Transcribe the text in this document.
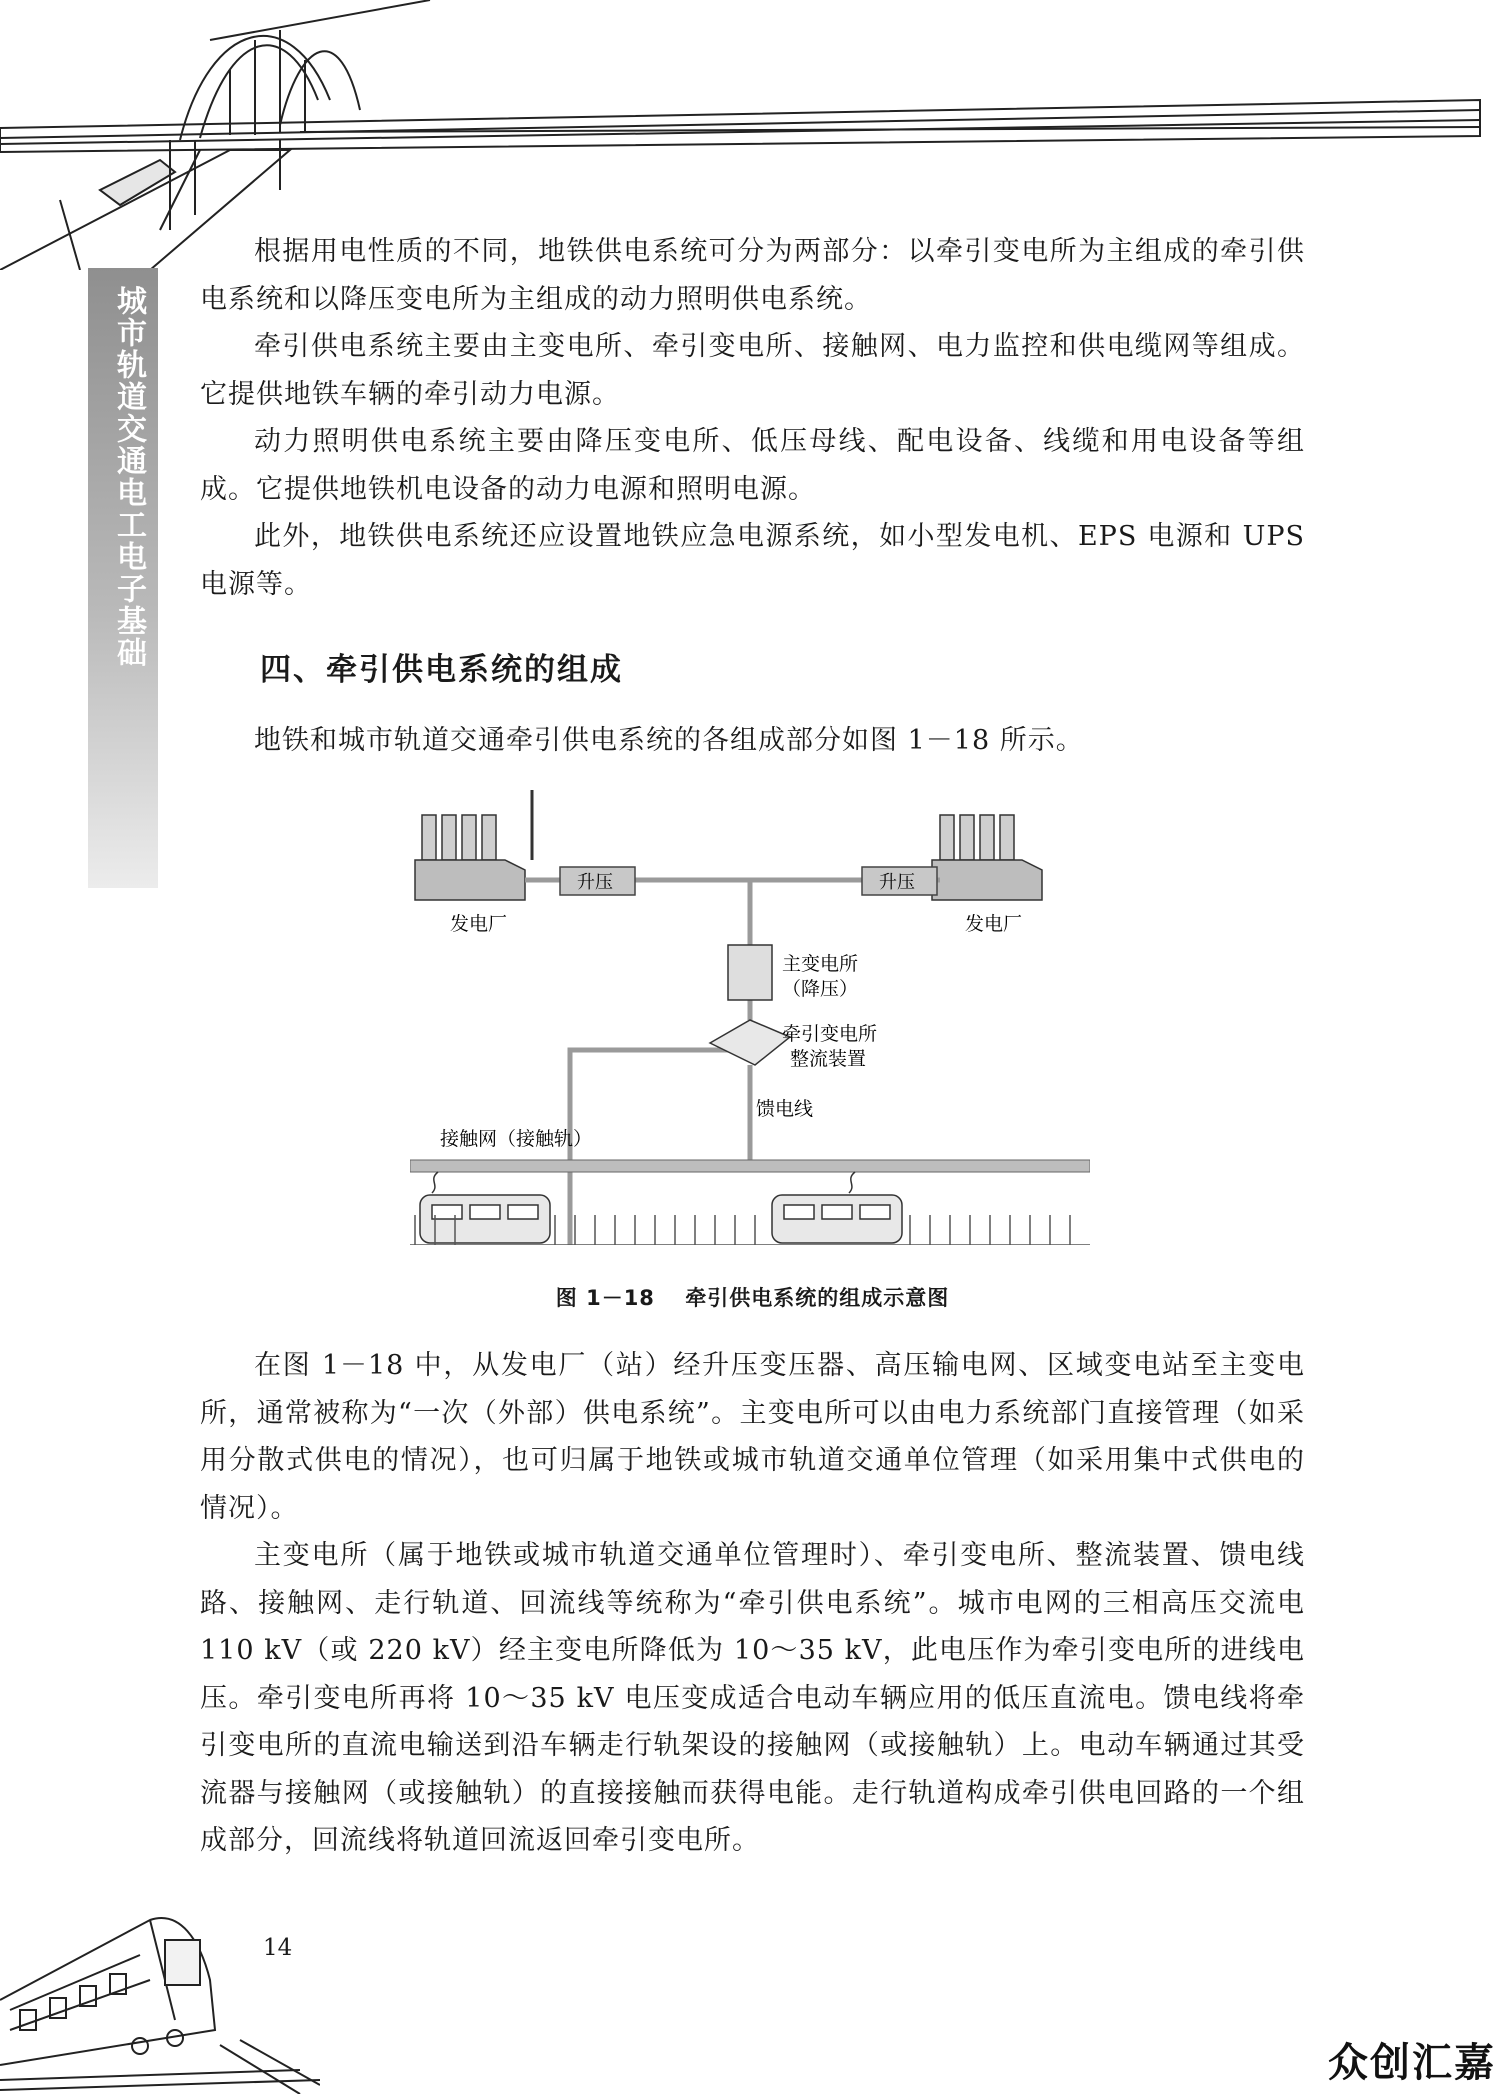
城市轨道交通电工电子基础

根据用电性质的不同，地铁供电系统可分为两部分：以牵引变电所为主组成的牵引供电系统和以降压变电所为主组成的动力照明供电系统。

牵引供电系统主要由主变电所、牵引变电所、接触网、电力监控和供电缆网等组成。它提供地铁车辆的牵引动力电源。

动力照明供电系统主要由降压变电所、低压母线、配电设备、线缆和用电设备等组成。它提供地铁机电设备的动力电源和照明电源。

此外，地铁供电系统还应设置地铁应急电源系统，如小型发电机、EPS 电源和 UPS 电源等。

四、牵引供电系统的组成

地铁和城市轨道交通牵引供电系统的各组成部分如图 1－18 所示。

发电厂	发电厂
升压	升压
主变电所
（降压）
牵引变电所
整流装置
馈电线
接触网（接触轨）
图 1－18 牵引供电系统的组成示意图

在图 1－18 中，从发电厂（站）经升压变压器、高压输电网、区域变电站至主变电所，通常被称为“一次（外部）供电系统”。主变电所可以由电力系统部门直接管理（如采用分散式供电的情况），也可归属于地铁或城市轨道交通单位管理（如采用集中式供电的情况）。

主变电所（属于地铁或城市轨道交通单位管理时）、牵引变电所、整流装置、馈电线路、接触网、走行轨道、回流线等统称为“牵引供电系统”。城市电网的三相高压交流电110 kV（或 220 kV）经主变电所降低为 10～35 kV，此电压作为牵引变电所的进线电压。牵引变电所再将 10～35 kV 电压变成适合电动车辆应用的低压直流电。馈电线将牵引变电所的直流电输送到沿车辆走行轨架设的接触网（或接触轨）上。电动车辆通过其受流器与接触网（或接触轨）的直接接触而获得电能。走行轨道构成牵引供电回路的一个组成部分，回流线将轨道回流返回牵引变电所。

14
众创汇嘉
